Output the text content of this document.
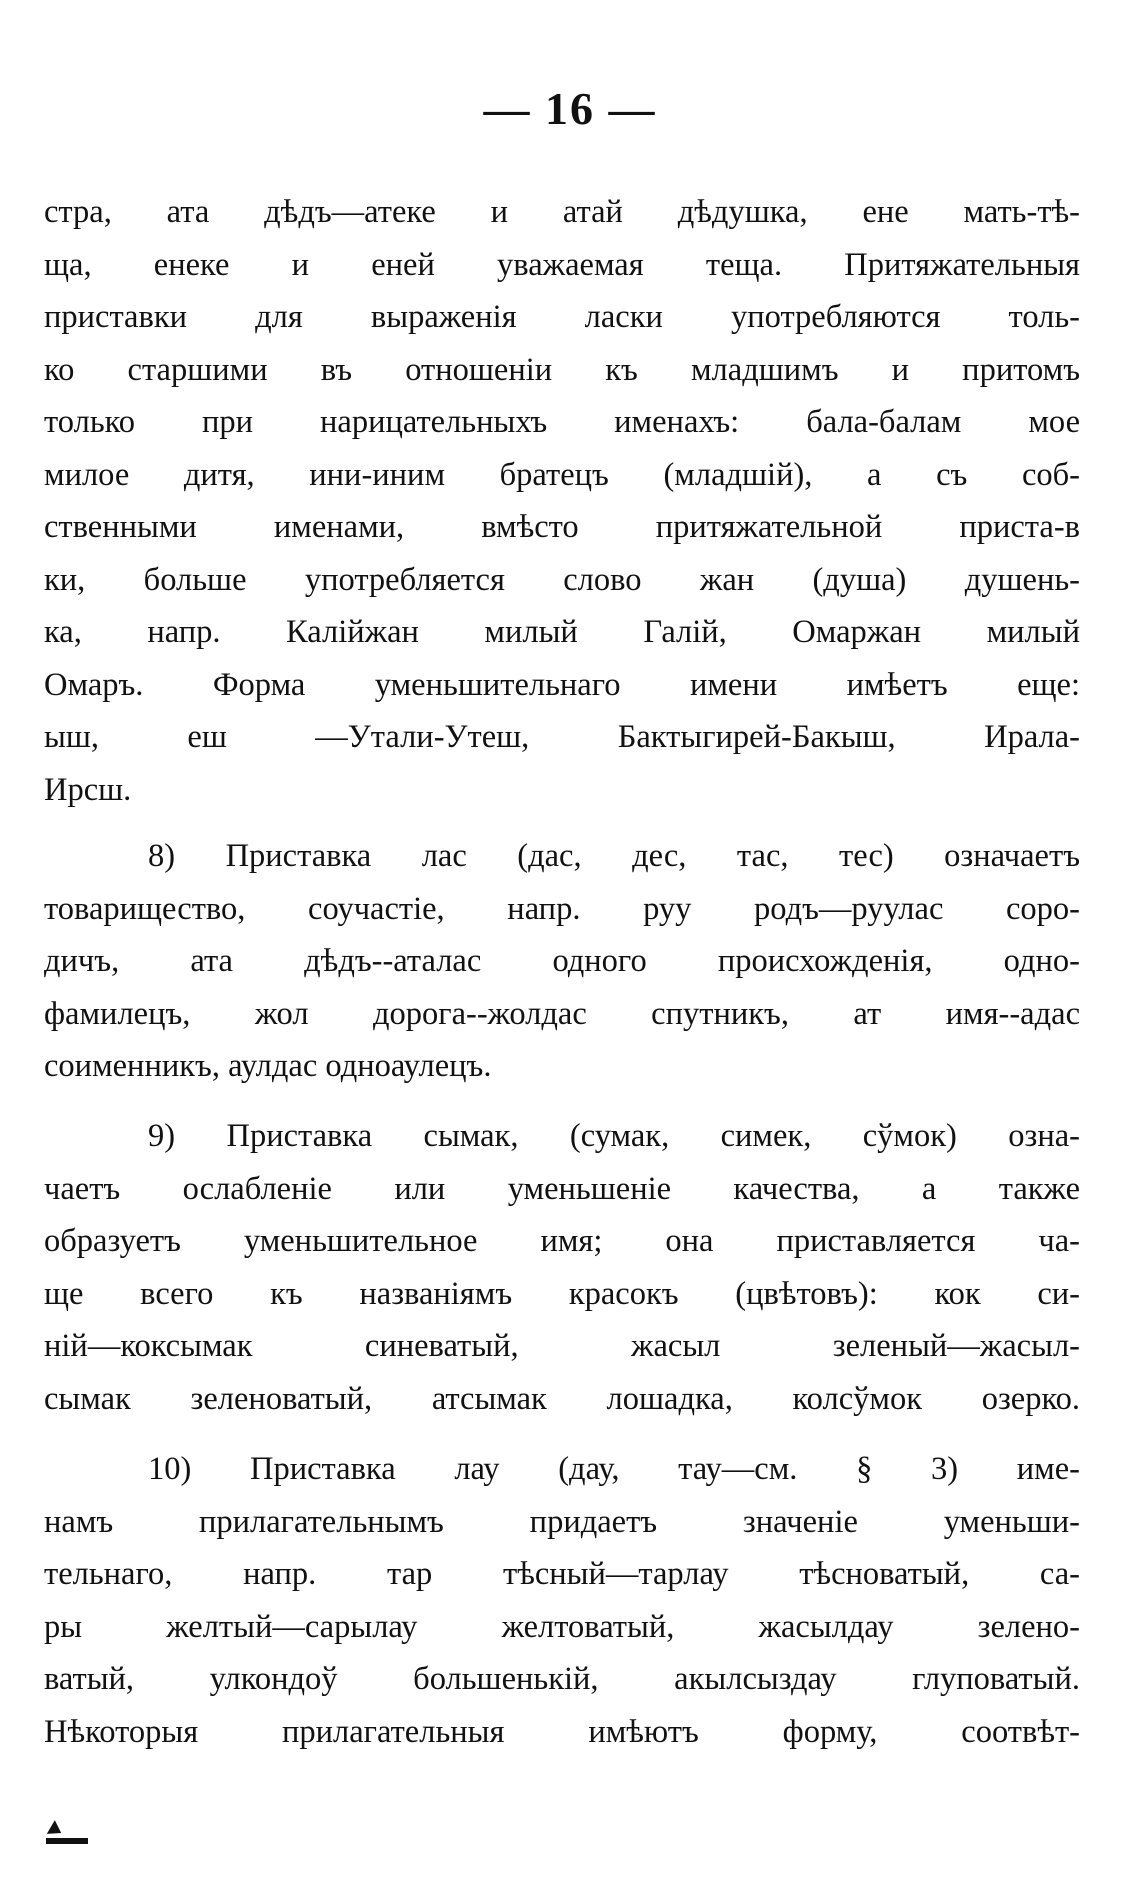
— 16 —
стра, ата дѣдъ—атеке и атай дѣдушка, ене мать-тѣ-
ща, енеке и еней уважаемая теща. Притяжательныя
приставки для выраженія ласки употребляются толь-
ко старшими въ отношеніи къ младшимъ и притомъ
только при нарицательныхъ именахъ: бала-балам мое
милое дитя, ини-иним братецъ (младшій), а съ соб-
ственными именами, вмѣсто притяжательной приста-в
ки, больше употребляется слово жан (душа) душень-
ка, напр. Калійжан милый Галій, Омаржан милый
Омаръ. Форма уменьшительнаго имени имѣетъ еще:
ыш, еш —Утали-Утеш, Бактыгирей-Бакыш, Ирала-
Ирсш.
8) Приставка лас (дас, дес, тас, тес) означаетъ
товарищество, соучастіе, напр. руу родъ—руулас соро-
дичъ, ата дѣдъ--аталас одного происхожденія, одно-
фамилецъ, жол дорога--жолдас спутникъ, ат имя--адас
соименникъ, аулдас одноаулецъ.
9) Приставка сымак, (сумак, симек, сўмок) озна-
чаетъ ослабленіе или уменьшеніе качества, а также
образуетъ уменьшительное имя; она приставляется ча-
ще всего къ названіямъ красокъ (цвѣтовъ): кок си-
ній—коксымак синеватый, жасыл зеленый—жасыл-
сымак зеленоватый, атсымак лошадка, колсўмок озерко.
10) Приставка лау (дау, тау—см. § 3) име-
намъ прилагательнымъ придаетъ значеніе уменьши-
тельнаго, напр. тар тѣсный—тарлау тѣсноватый, са-
ры желтый—сарылау желтоватый, жасылдау зелено-
ватый, улкондоў большенькій, акылсыздау глуповатый.
Нѣкоторыя прилагательныя имѣютъ форму, соотвѣт-
